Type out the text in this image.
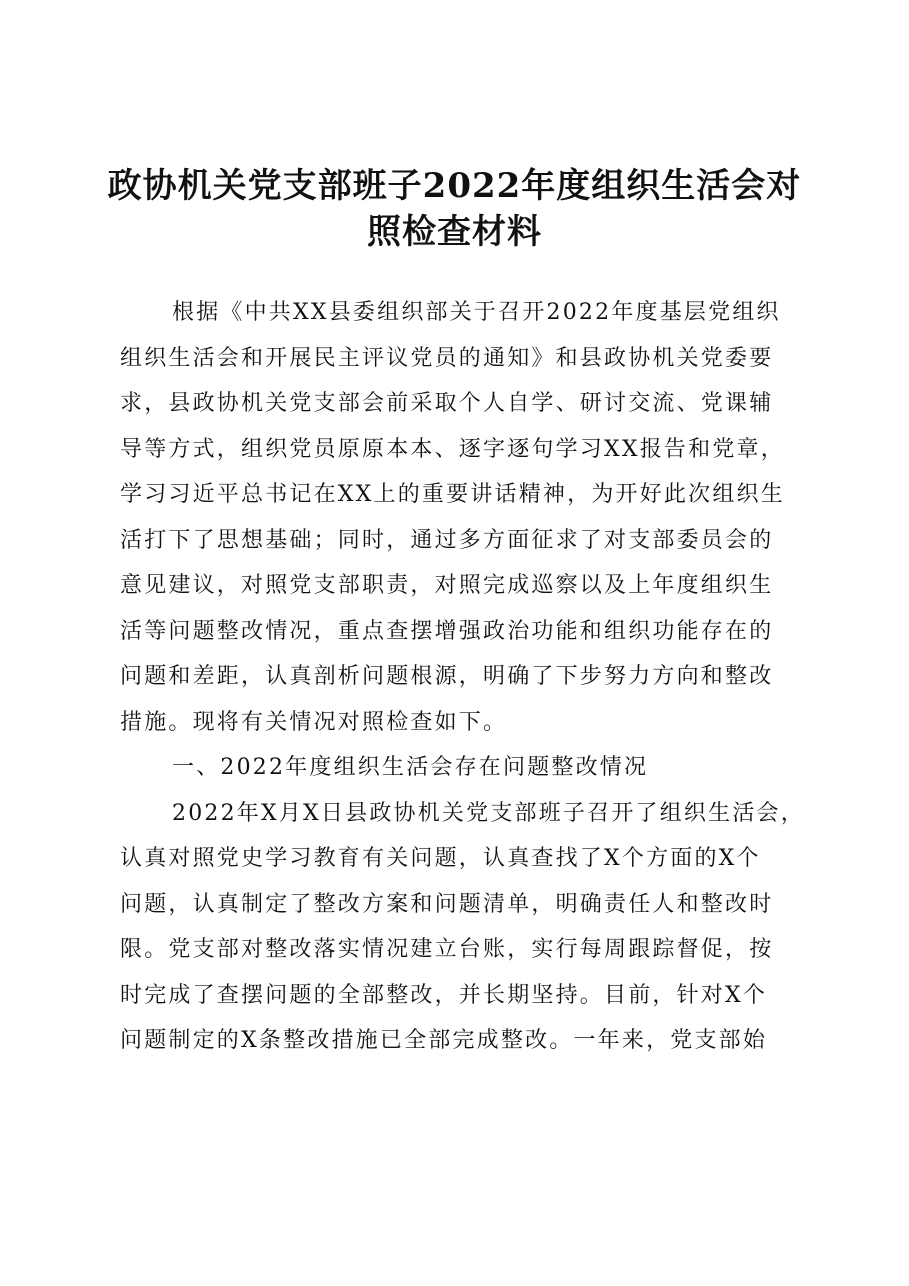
政协机关党支部班子2022年度组织生活会对
照检查材料
根据《中共XX县委组织部关于召开2022年度基层党组织
组织生活会和开展民主评议党员的通知》和县政协机关党委要
求，县政协机关党支部会前采取个人自学、研讨交流、党课辅
导等方式，组织党员原原本本、逐字逐句学习XX报告和党章，
学习习近平总书记在XX上的重要讲话精神，为开好此次组织生
活打下了思想基础；同时，通过多方面征求了对支部委员会的
意见建议，对照党支部职责，对照完成巡察以及上年度组织生
活等问题整改情况，重点查摆增强政治功能和组织功能存在的
问题和差距，认真剖析问题根源，明确了下步努力方向和整改
措施。现将有关情况对照检查如下。
一、2022年度组织生活会存在问题整改情况
2022年X月X日县政协机关党支部班子召开了组织生活会，
认真对照党史学习教育有关问题，认真查找了X个方面的X个
问题，认真制定了整改方案和问题清单，明确责任人和整改时
限。党支部对整改落实情况建立台账，实行每周跟踪督促，按
时完成了查摆问题的全部整改，并长期坚持。目前，针对X个
问题制定的X条整改措施已全部完成整改。一年来，党支部始
